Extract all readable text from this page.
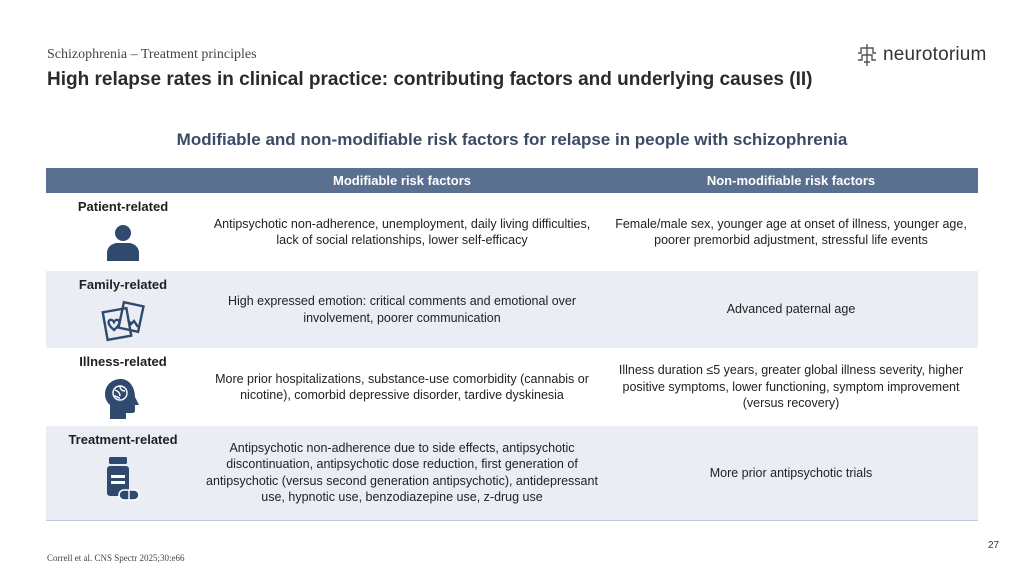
Schizophrenia – Treatment principles
High relapse rates in clinical practice: contributing factors and underlying causes (II)
neurotorium
Modifiable and non-modifiable risk factors for relapse in people with schizophrenia
	Modifiable risk factors	Non-modifiable risk factors

Patient-related	Antipsychotic non-adherence, unemployment, daily living difficulties, lack of social relationships, lower self-efficacy	Female/male sex, younger age at onset of illness, younger age, poorer premorbid adjustment, stressful life events

Family-related	High expressed emotion: critical comments and emotional over involvement, poorer communication	Advanced paternal age

Illness-related	More prior hospitalizations, substance-use comorbidity (cannabis or nicotine), comorbid depressive disorder, tardive dyskinesia	Illness duration ≤5 years, greater global illness severity, higher positive symptoms, lower functioning, symptom improvement (versus recovery)

Treatment-related	Antipsychotic non-adherence due to side effects, antipsychotic discontinuation, antipsychotic dose reduction, first generation of antipsychotic (versus second generation antipsychotic), antidepressant use, hypnotic use, benzodiazepine use, z-drug use	More prior antipsychotic trials
Correll et al. CNS Spectr 2025;30:e66
27
